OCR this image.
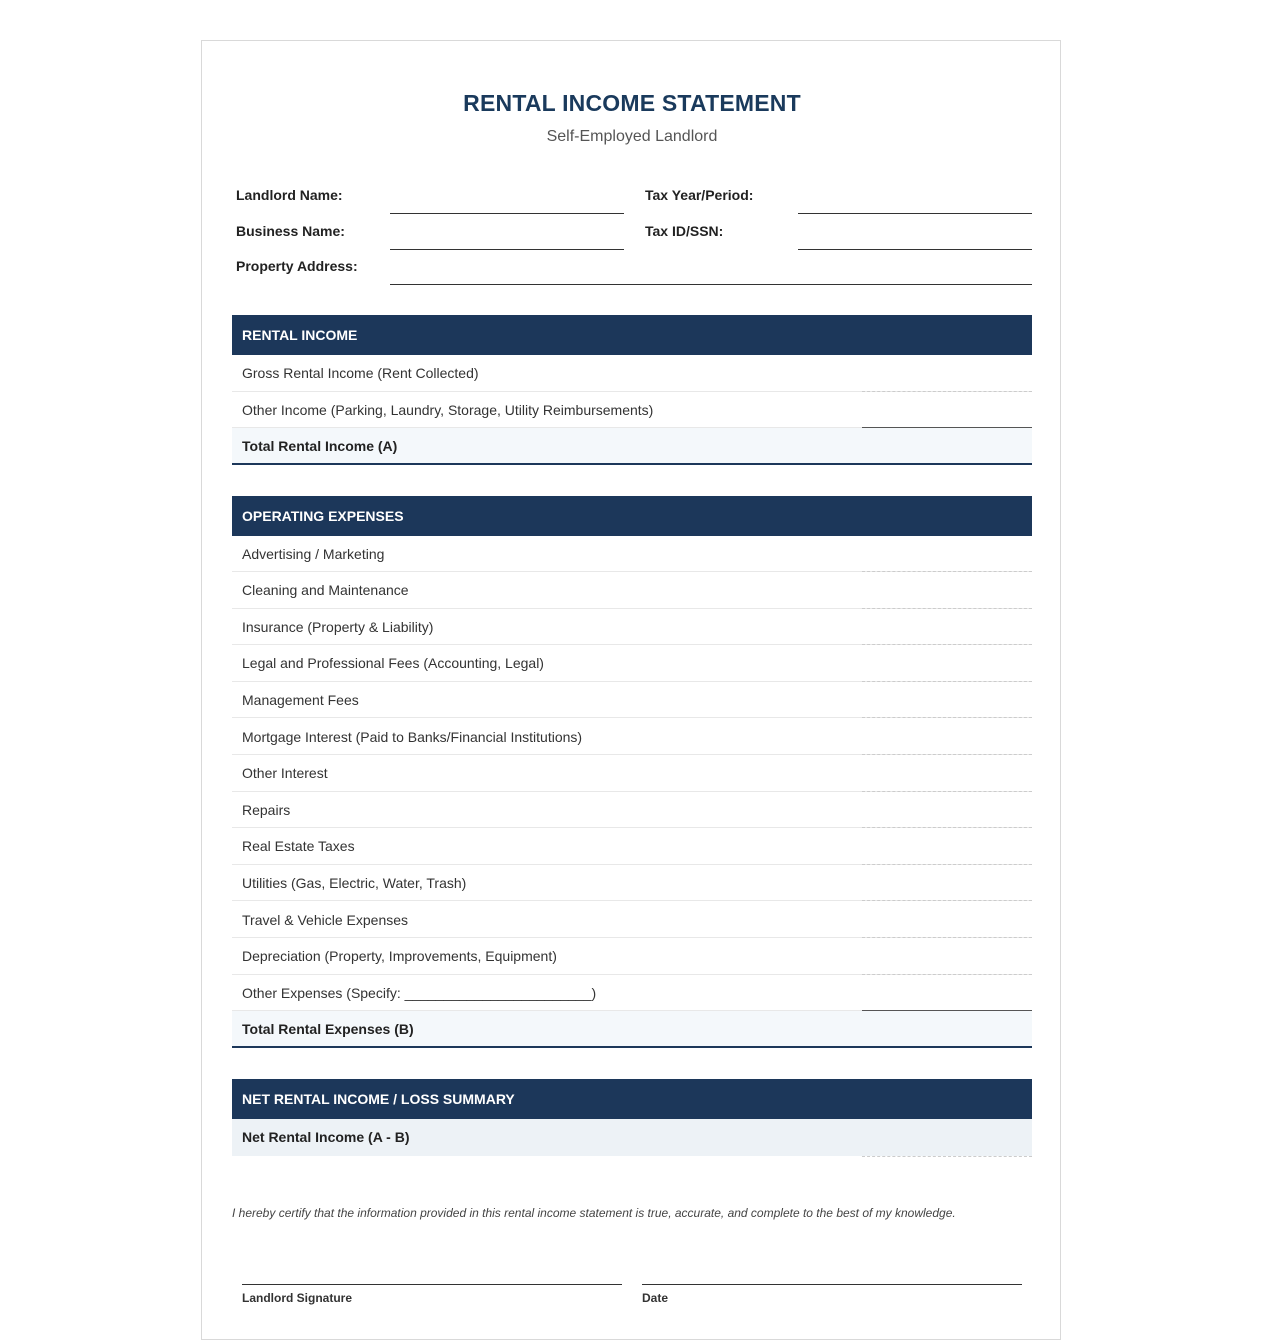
RENTAL INCOME STATEMENT
Self-Employed Landlord
Landlord Name:	Tax Year/Period:
Business Name:	Tax ID/SSN:
Property Address:
RENTAL INCOME
Gross Rental Income (Rent Collected)
Other Income (Parking, Laundry, Storage, Utility Reimbursements)
Total Rental Income (A)
OPERATING EXPENSES
Advertising / Marketing
Cleaning and Maintenance
Insurance (Property & Liability)
Legal and Professional Fees (Accounting, Legal)
Management Fees
Mortgage Interest (Paid to Banks/Financial Institutions)
Other Interest
Repairs
Real Estate Taxes
Utilities (Gas, Electric, Water, Trash)
Travel & Vehicle Expenses
Depreciation (Property, Improvements, Equipment)
Other Expenses (Specify: ________________________)
Total Rental Expenses (B)
NET RENTAL INCOME / LOSS SUMMARY
Net Rental Income (A - B)
I hereby certify that the information provided in this rental income statement is true, accurate, and complete to the best of my knowledge.
Landlord Signature	Date
